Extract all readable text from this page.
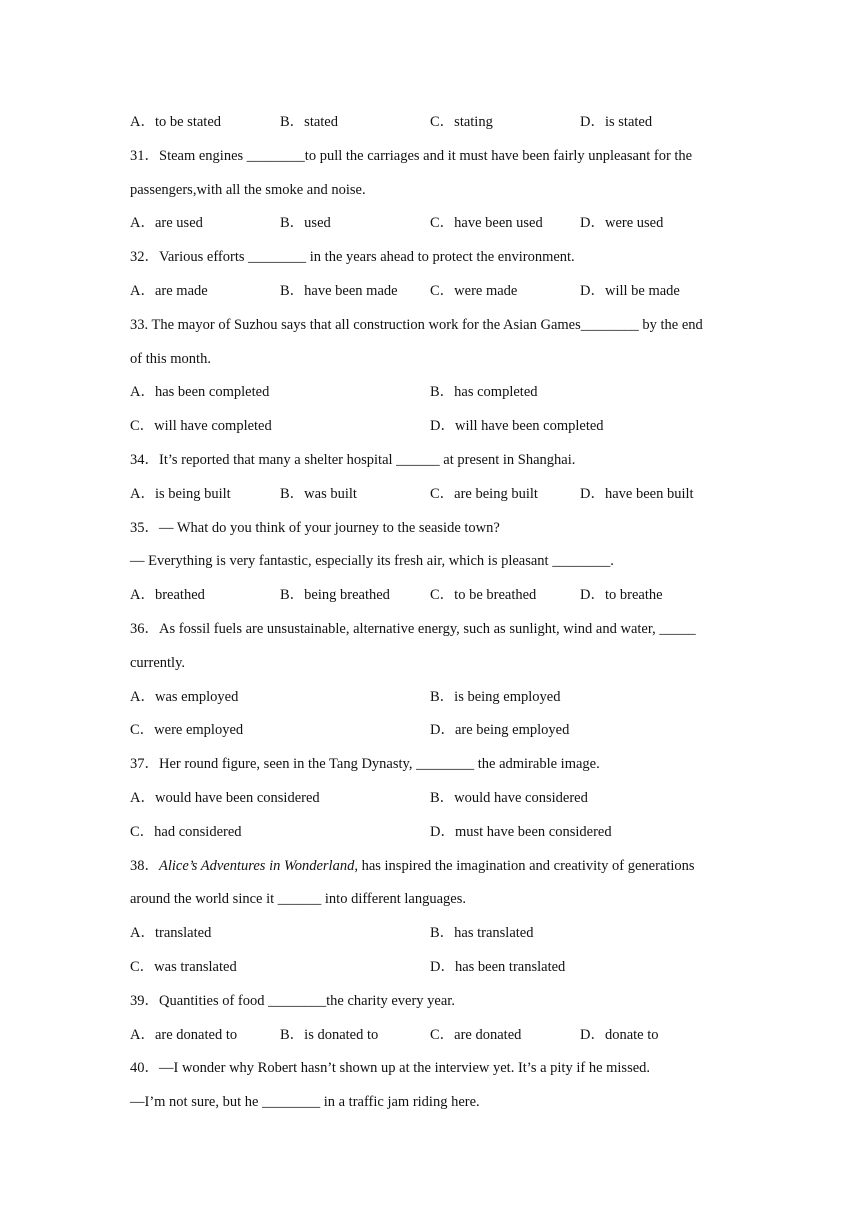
A．to be stated	B．stated	C．stating	D．is stated
31．Steam engines ________to pull the carriages and it must have been fairly unpleasant for the
passengers,with all the smoke and noise.
A．are used	B．used	C．have been used	D．were used
32．Various efforts ________ in the years ahead to protect the environment.
A．are made	B．have been made C．were made	D．will be made
33. The mayor of Suzhou says that all construction work for the Asian Games________ by the end
of this month.
A．has been completed	B．has completed
C．will have completed	D．will have been completed
34．It’s reported that many a shelter hospital ______ at present in Shanghai.
A．is being built	B．was built	C．are being built	D．have been built
35．— What do you think of your journey to the seaside town?
— Everything is very fantastic, especially its fresh air, which is pleasant ________.
A．breathed	B．being breathed	C．to be breathed	D．to breathe
36．As fossil fuels are unsustainable, alternative energy, such as sunlight, wind and water, _____
currently.
A．was employed	B．is being employed
C．were employed	D．are being employed
37．Her round figure, seen in the Tang Dynasty, ________ the admirable image.
A．would have been considered	B．would have considered
C．had considered	D．must have been considered
38．Alice’s Adventures in Wonderland, has inspired the imagination and creativity of generations
around the world since it ______ into different languages.
A．translated	B．has translated
C．was translated	D．has been translated
39．Quantities of food ________the charity every year.
A．are donated to	B．is donated to	C．are donated	D．donate to
40．—I wonder why Robert hasn’t shown up at the interview yet. It’s a pity if he missed.
—I’m not sure, but he ________ in a traffic jam riding here.
